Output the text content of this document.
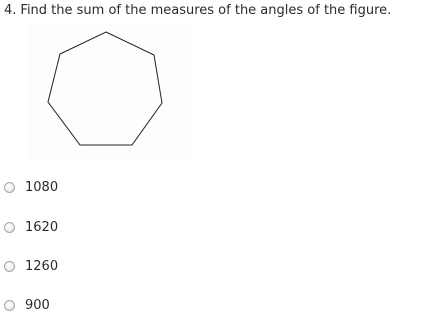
4. Find the sum of the measures of the angles of the figure.
1080
1620
1260
900
